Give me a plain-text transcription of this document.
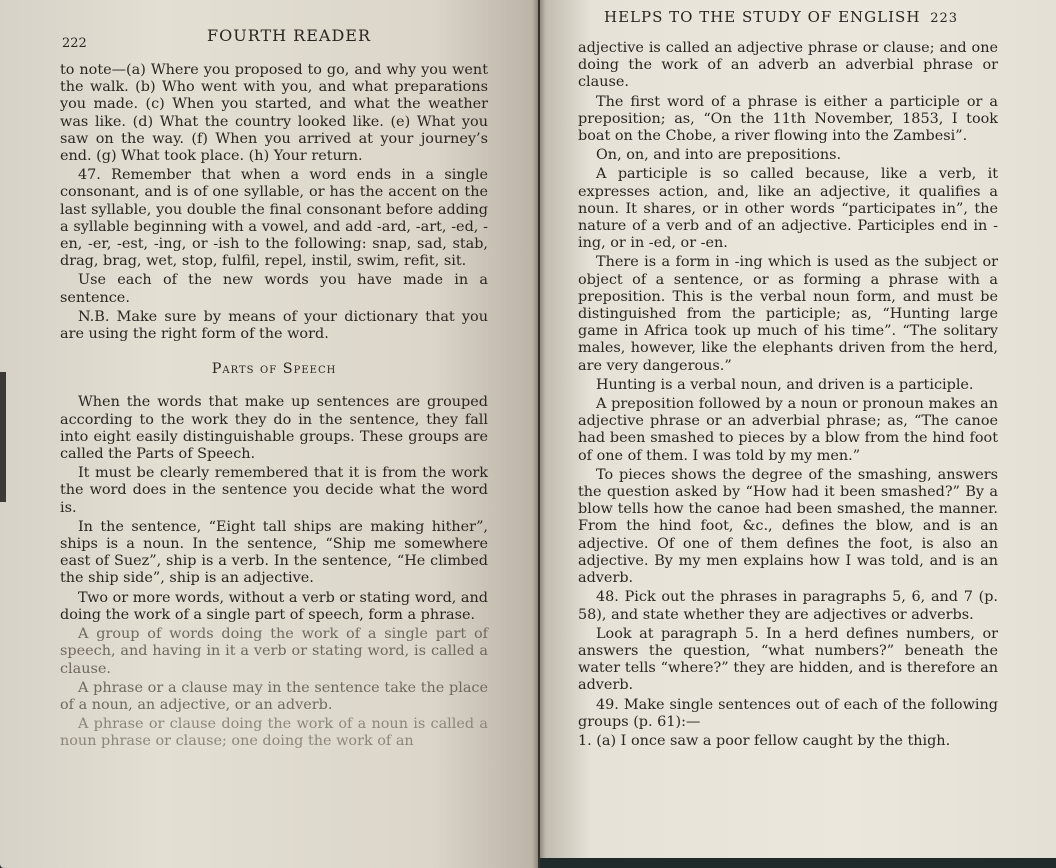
222	FOURTH READER

to note—(a) Where you proposed to go, and why you went the walk. (b) Who went with you, and what preparations you made. (c) When you started, and what the weather was like. (d) What the country looked like. (e) What you saw on the way. (f) When you arrived at your journey’s end. (g) What took place. (h) Your return.

47. Remember that when a word ends in a single consonant, and is of one syllable, or has the accent on the last syllable, you double the final consonant before adding a syllable beginning with a vowel, and add -ard, -art, -ed, -en, -er, -est, -ing, or -ish to the following: snap, sad, stab, drag, brag, wet, stop, fulfil, repel, instil, swim, refit, sit.

Use each of the new words you have made in a sentence.

N.B. Make sure by means of your dictionary that you are using the right form of the word.

Parts of Speech

When the words that make up sentences are grouped according to the work they do in the sentence, they fall into eight easily distinguishable groups. These groups are called the Parts of Speech.

It must be clearly remembered that it is from the work the word does in the sentence you decide what the word is.

In the sentence, “Eight tall ships are making hither”, ships is a noun. In the sentence, “Ship me somewhere east of Suez”, ship is a verb. In the sentence, “He climbed the ship side”, ship is an adjective.

Two or more words, without a verb or stating word, and doing the work of a single part of speech, form a phrase.

A group of words doing the work of a single part of speech, and having in it a verb or stating word, is called a clause.

A phrase or a clause may in the sentence take the place of a noun, an adjective, or an adverb.

A phrase or clause doing the work of a noun is called a noun phrase or clause; one doing the work of an

HELPS TO THE STUDY OF ENGLISH 223

adjective is called an adjective phrase or clause; and one doing the work of an adverb an adverbial phrase or clause.

The first word of a phrase is either a participle or a preposition; as, “On the 11th November, 1853, I took boat on the Chobe, a river flowing into the Zambesi”.

On, on, and into are prepositions.

A participle is so called because, like a verb, it expresses action, and, like an adjective, it qualifies a noun. It shares, or in other words “participates in”, the nature of a verb and of an adjective. Participles end in -ing, or in -ed, or -en.

There is a form in -ing which is used as the subject or object of a sentence, or as forming a phrase with a preposition. This is the verbal noun form, and must be distinguished from the participle; as, “Hunting large game in Africa took up much of his time”. “The solitary males, however, like the elephants driven from the herd, are very dangerous.”

Hunting is a verbal noun, and driven is a participle.

A preposition followed by a noun or pronoun makes an adjective phrase or an adverbial phrase; as, “The canoe had been smashed to pieces by a blow from the hind foot of one of them. I was told by my men.”

To pieces shows the degree of the smashing, answers the question asked by “How had it been smashed?” By a blow tells how the canoe had been smashed, the manner. From the hind foot, &c., defines the blow, and is an adjective. Of one of them defines the foot, is also an adjective. By my men explains how I was told, and is an adverb.

48. Pick out the phrases in paragraphs 5, 6, and 7 (p. 58), and state whether they are adjectives or adverbs.

Look at paragraph 5. In a herd defines numbers, or answers the question, “what numbers?” beneath the water tells “where?” they are hidden, and is therefore an adverb.

49. Make single sentences out of each of the following groups (p. 61):—

1. (a) I once saw a poor fellow caught by the thigh.
